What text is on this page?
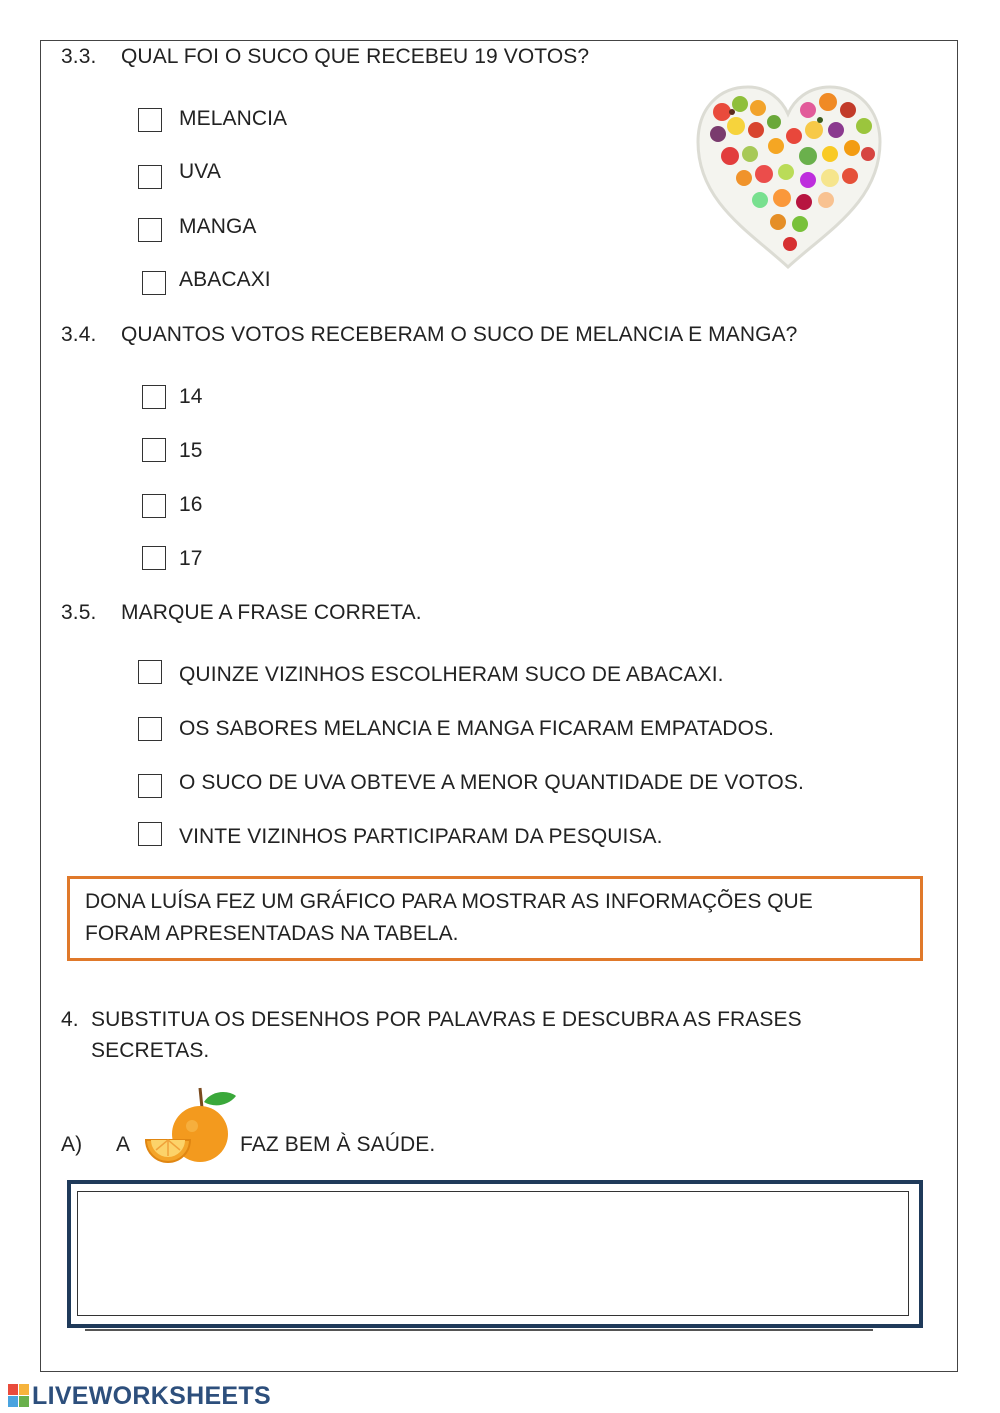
3.3. QUAL FOI O SUCO QUE RECEBEU 19 VOTOS?
MELANCIA
UVA
MANGA
ABACAXI
3.4. QUANTOS VOTOS RECEBERAM O SUCO DE MELANCIA E MANGA?
14
15
16
17
3.5. MARQUE A FRASE CORRETA.
QUINZE VIZINHOS ESCOLHERAM SUCO DE ABACAXI.
OS SABORES MELANCIA E MANGA FICARAM EMPATADOS.
O SUCO DE UVA OBTEVE A MENOR QUANTIDADE DE VOTOS.
VINTE VIZINHOS PARTICIPARAM DA PESQUISA.
DONA LUÍSA FEZ UM GRÁFICO PARA MOSTRAR AS INFORMAÇÕES QUE
FORAM APRESENTADAS NA TABELA.
4. SUBSTITUA OS DESENHOS POR PALAVRAS E DESCUBRA AS FRASES
SECRETAS.
A) A	FAZ BEM À SAÚDE.
LIVEWORKSHEETS
